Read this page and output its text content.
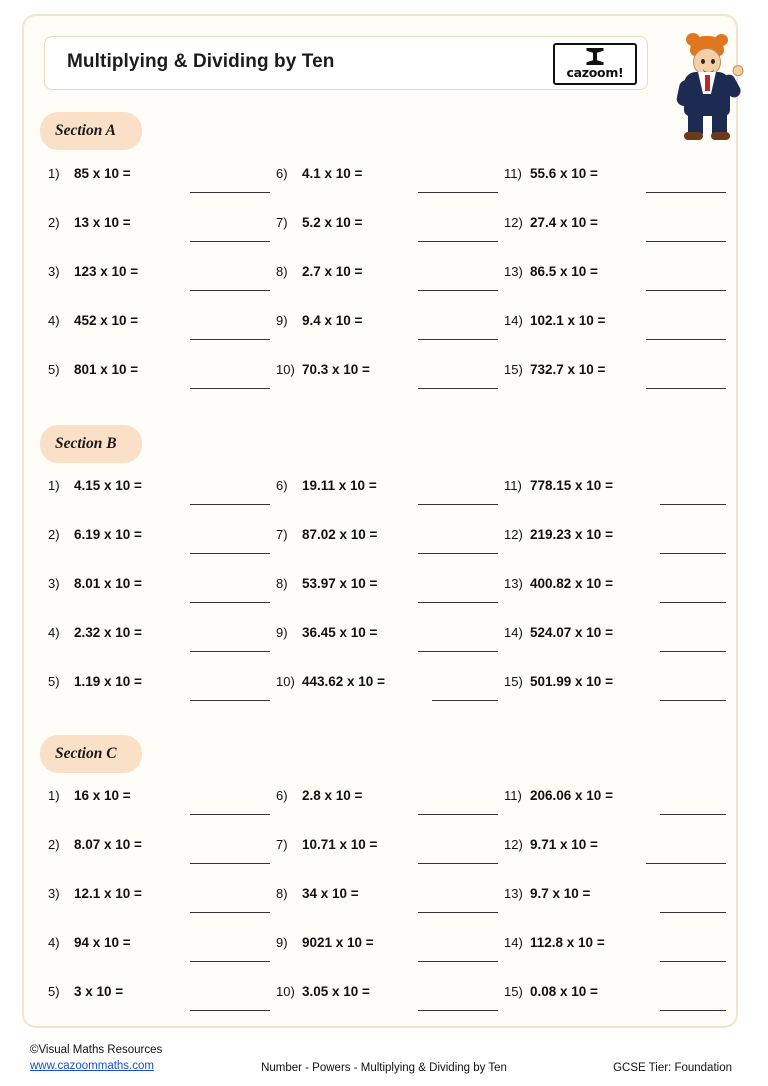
Multiplying & Dividing by Ten
cazoom!
Section A
1)	85 x 10 =	6)	4.1 x 10 =	11) 55.6 x 10 =
2)	13 x 10 =	7)	5.2 x 10 =	12) 27.4 x 10 =
3)	123 x 10 =	8)	2.7 x 10 =	13) 86.5 x 10 =
4)	452 x 10 =	9)	9.4 x 10 =	14) 102.1 x 10 =
5)	801 x 10 =	10) 70.3 x 10 =	15) 732.7 x 10 =
Section B
1)	4.15 x 10 =	6)	19.11 x 10 =	11) 778.15 x 10 =
2)	6.19 x 10 =	7)	87.02 x 10 =	12) 219.23 x 10 =
3)	8.01 x 10 =	8)	53.97 x 10 =	13) 400.82 x 10 =
4)	2.32 x 10 =	9)	36.45 x 10 =	14) 524.07 x 10 =
5)	1.19 x 10 =	10) 443.62 x 10 =	15) 501.99 x 10 =
Section C
1)	16 x 10 =	6)	2.8 x 10 =	11) 206.06 x 10 =
2)	8.07 x 10 =	7)	10.71 x 10 =	12) 9.71 x 10 =
3)	12.1 x 10 =	8)	34 x 10 =	13) 9.7 x 10 =
4)	94 x 10 =	9)	9021 x 10 =	14) 112.8 x 10 =
5)	3 x 10 =	10) 3.05 x 10 =	15) 0.08 x 10 =
©Visual Maths Resources
www.cazoommaths.com	Number - Powers - Multiplying & Dividing by Ten	GCSE Tier: Foundation
